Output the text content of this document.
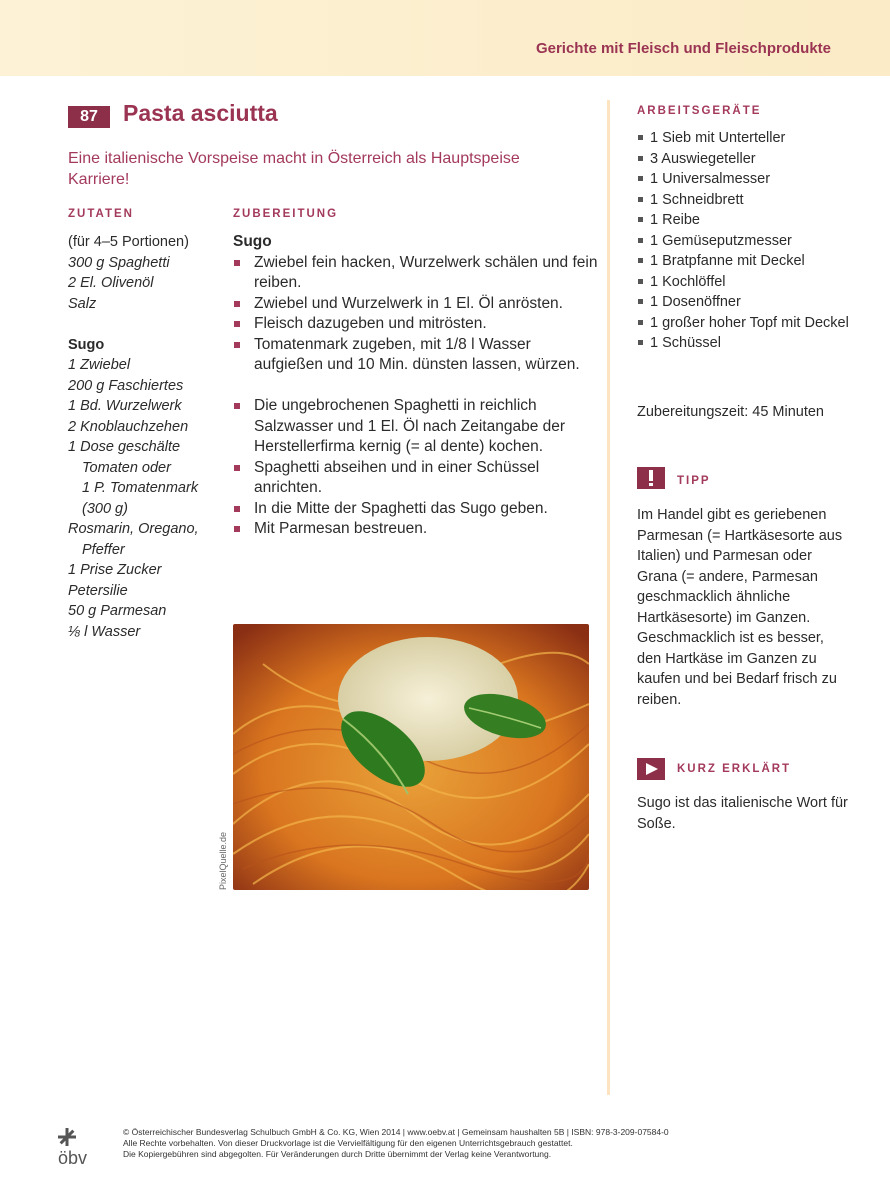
Gerichte mit Fleisch und Fleischprodukte
87	Pasta asciutta
Eine italienische Vorspeise macht in Österreich als Hauptspeise Karriere!
ZUTATEN
(für 4–5 Portionen)
300 g Spaghetti
2 El. Olivenöl
Salz
Sugo
1 Zwiebel
200 g Faschiertes
1 Bd. Wurzelwerk
2 Knoblauchzehen
1 Dose geschälte
Tomaten oder
1 P. Tomatenmark
(300 g)
Rosmarin, Oregano,
Pfeffer
1 Prise Zucker
Petersilie
50 g Parmesan
⅛ l Wasser
ZUBEREITUNG
Sugo
Zwiebel fein hacken, Wurzelwerk schälen und fein reiben.
Zwiebel und Wurzelwerk in 1 El. Öl anrösten.
Fleisch dazugeben und mitrösten.
Tomatenmark zugeben, mit 1/8 l Wasser aufgießen und 10 Min. dünsten lassen, würzen.
Die ungebrochenen Spaghetti in reichlich Salzwasser und 1 El. Öl nach Zeitangabe der Herstellerfirma kernig (= al dente) kochen.
Spaghetti abseihen und in einer Schüssel anrichten.
In die Mitte der Spaghetti das Sugo geben.
Mit Parmesan bestreuen.
PixelQuelle.de
ARBEITSGERÄTE
1 Sieb mit Unterteller
3 Auswiegeteller
1 Universalmesser
1 Schneidbrett
1 Reibe
1 Gemüseputzmesser
1 Bratpfanne mit Deckel
1 Kochlöffel
1 Dosenöffner
1 großer hoher Topf mit Deckel
1 Schüssel
Zubereitungszeit: 45 Minuten
TIPP
Im Handel gibt es geriebenen Parmesan (= Hartkäsesorte aus Italien) und Parmesan oder Grana (= andere, Parmesan geschmacklich ähnliche Hartkäsesorte) im Ganzen. Geschmacklich ist es besser, den Hartkäse im Ganzen zu kaufen und bei Bedarf frisch zu reiben.
KURZ ERKLÄRT
Sugo ist das italienische Wort für Soße.
öbv
© Österreichischer Bundesverlag Schulbuch GmbH & Co. KG, Wien 2014 | www.oebv.at | Gemeinsam haushalten 5B | ISBN: 978-3-209-07584-0
Alle Rechte vorbehalten. Von dieser Druckvorlage ist die Vervielfältigung für den eigenen Unterrichtsgebrauch gestattet.
Die Kopiergebühren sind abgegolten. Für Veränderungen durch Dritte übernimmt der Verlag keine Verantwortung.
